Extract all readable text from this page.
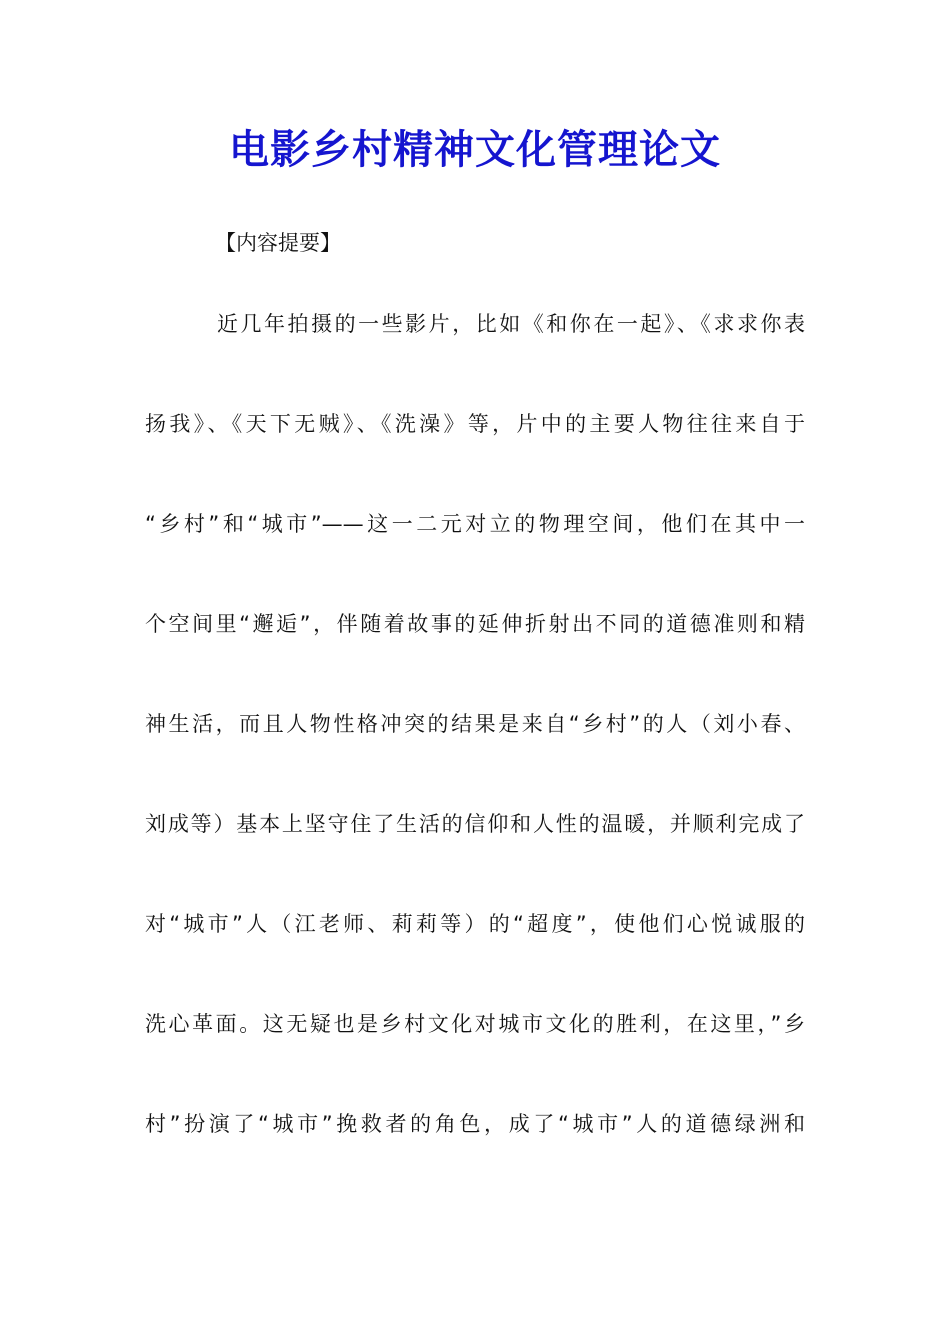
电影乡村精神文化管理论文
【内容提要】
近几年拍摄的一些影片，比如《和你在一起》、《求求你表
扬我》、《天下无贼》、《洗澡》等，片中的主要人物往往来自于
“乡村”和“城市”——这一二元对立的物理空间，他们在其中一
个空间里“邂逅”，伴随着故事的延伸折射出不同的道德准则和精
神生活，而且人物性格冲突的结果是来自“乡村”的人（刘小春、
刘成等）基本上坚守住了生活的信仰和人性的温暖，并顺利完成了
对“城市”人（江老师、莉莉等）的“超度”，使他们心悦诚服的
洗心革面。这无疑也是乡村文化对城市文化的胜利，在这里，”乡
村”扮演了“城市”挽救者的角色，成了“城市”人的道德绿洲和
